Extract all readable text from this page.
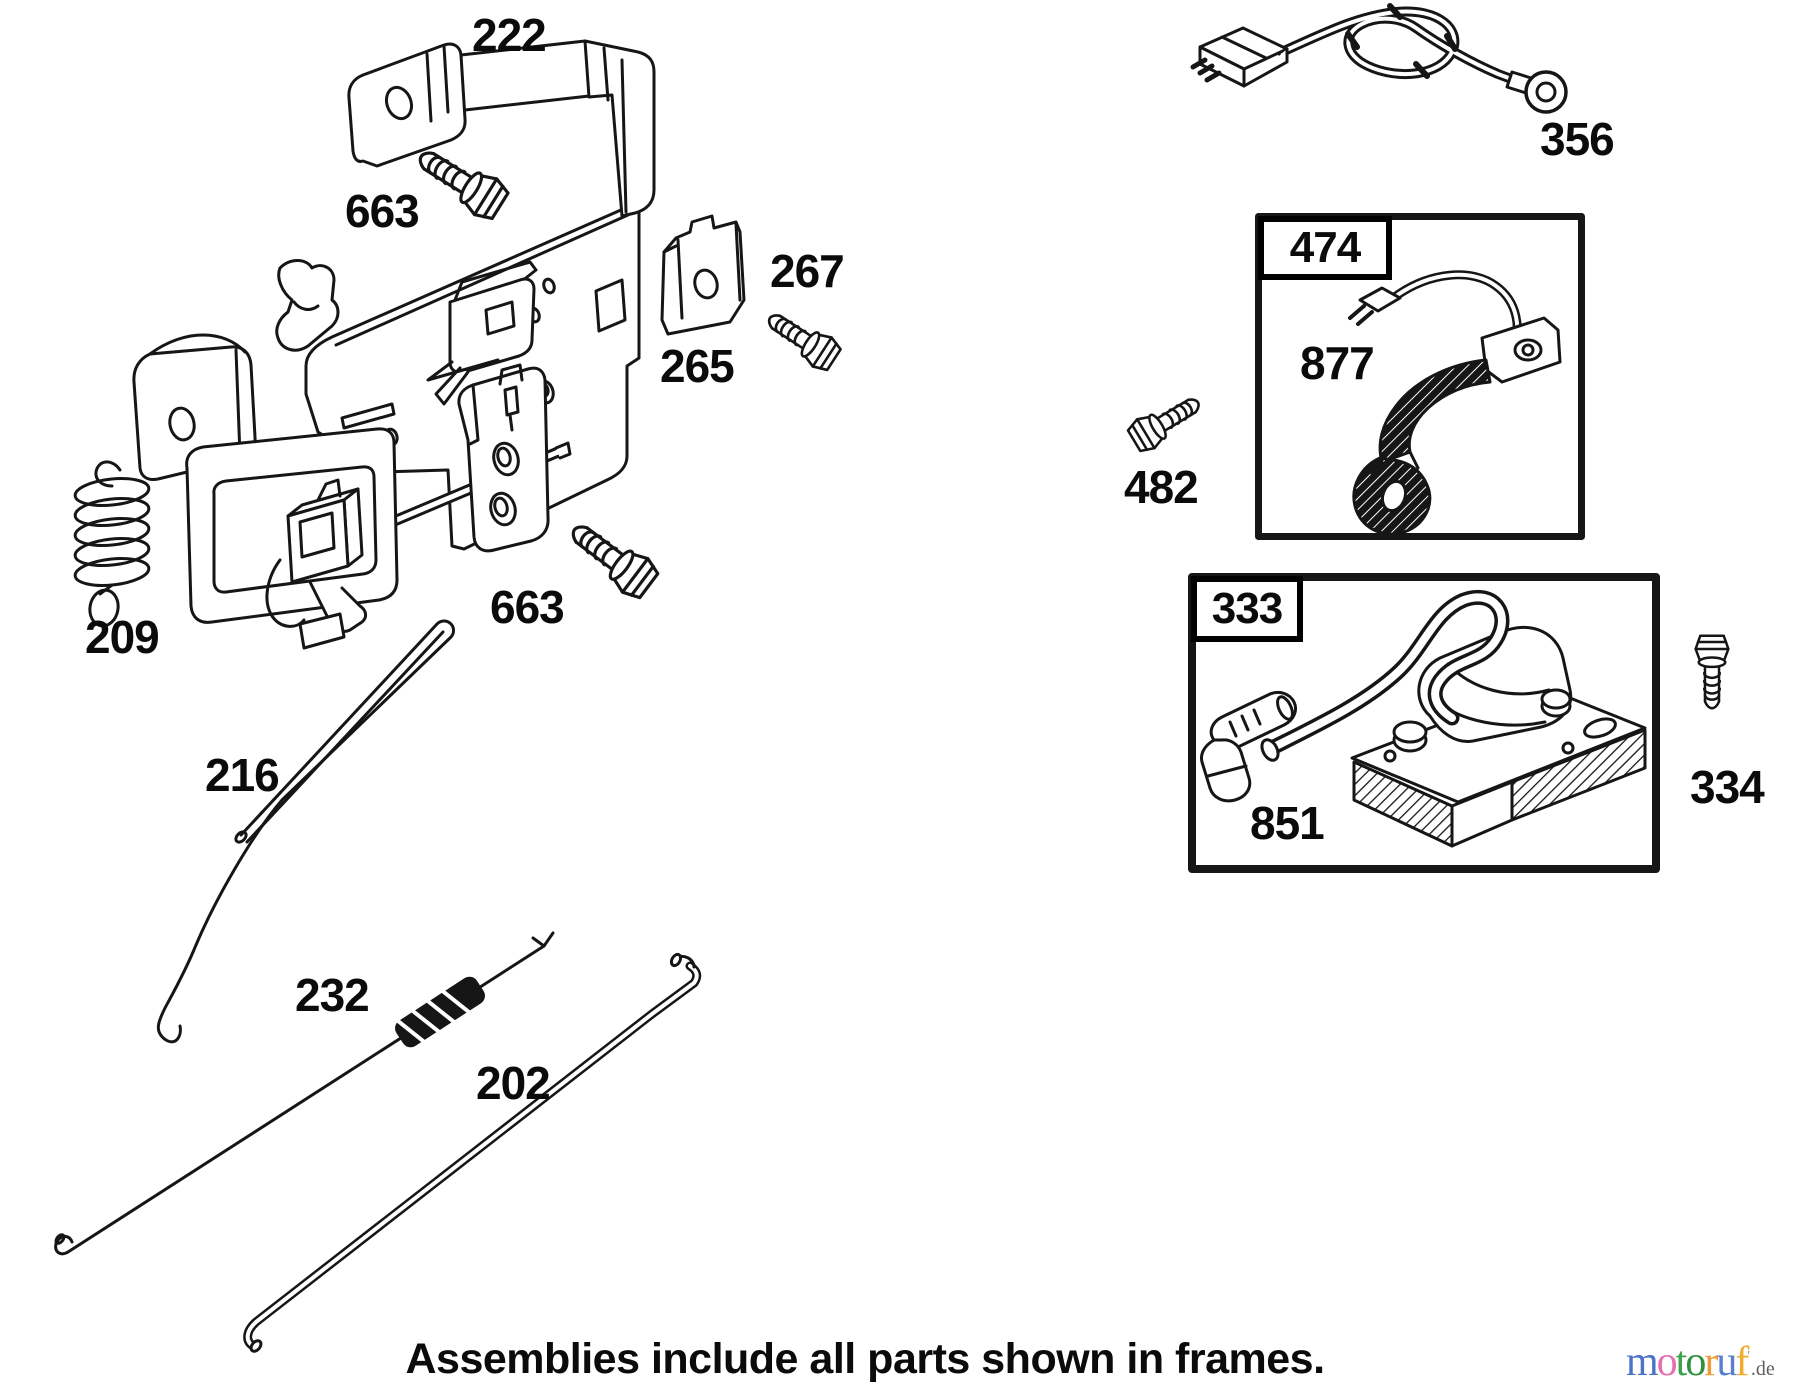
474
333
222
663
267
265
663
209
216
232
202
356
877
482
851
334
Assemblies include all parts shown in frames.	motoruf'.de
